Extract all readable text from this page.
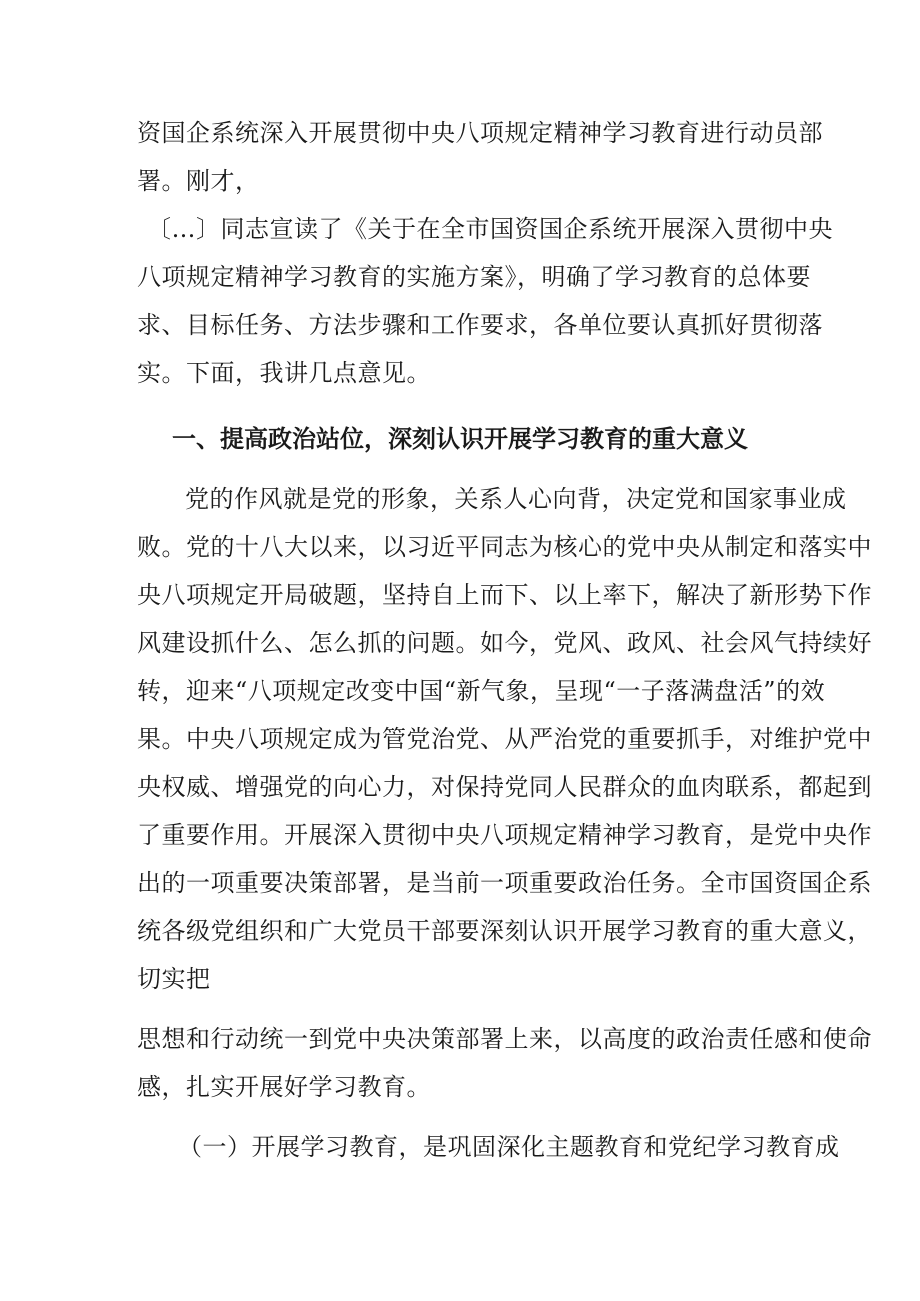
资国企系统深入开展贯彻中央八项规定精神学习教育进行动员部
署。刚才，
〔…〕同志宣读了《关于在全市国资国企系统开展深入贯彻中央
八项规定精神学习教育的实施方案》，明确了学习教育的总体要
求、目标任务、方法步骤和工作要求，各单位要认真抓好贯彻落
实。下面，我讲几点意见。
一、提高政治站位，深刻认识开展学习教育的重大意义
党的作风就是党的形象，关系人心向背，决定党和国家事业成
败。党的十八大以来，以习近平同志为核心的党中央从制定和落实中
央八项规定开局破题，坚持自上而下、以上率下，解决了新形势下作
风建设抓什么、怎么抓的问题。如今，党风、政风、社会风气持续好
转，迎来“八项规定改变中国“新气象，呈现“一子落满盘活”的效
果。中央八项规定成为管党治党、从严治党的重要抓手，对维护党中
央权威、增强党的向心力，对保持党同人民群众的血肉联系，都起到
了重要作用。开展深入贯彻中央八项规定精神学习教育，是党中央作
出的一项重要决策部署，是当前一项重要政治任务。全市国资国企系
统各级党组织和广大党员干部要深刻认识开展学习教育的重大意义，
切实把
思想和行动统一到党中央决策部署上来，以高度的政治责任感和使命
感，扎实开展好学习教育。
（一）开展学习教育，是巩固深化主题教育和党纪学习教育成
